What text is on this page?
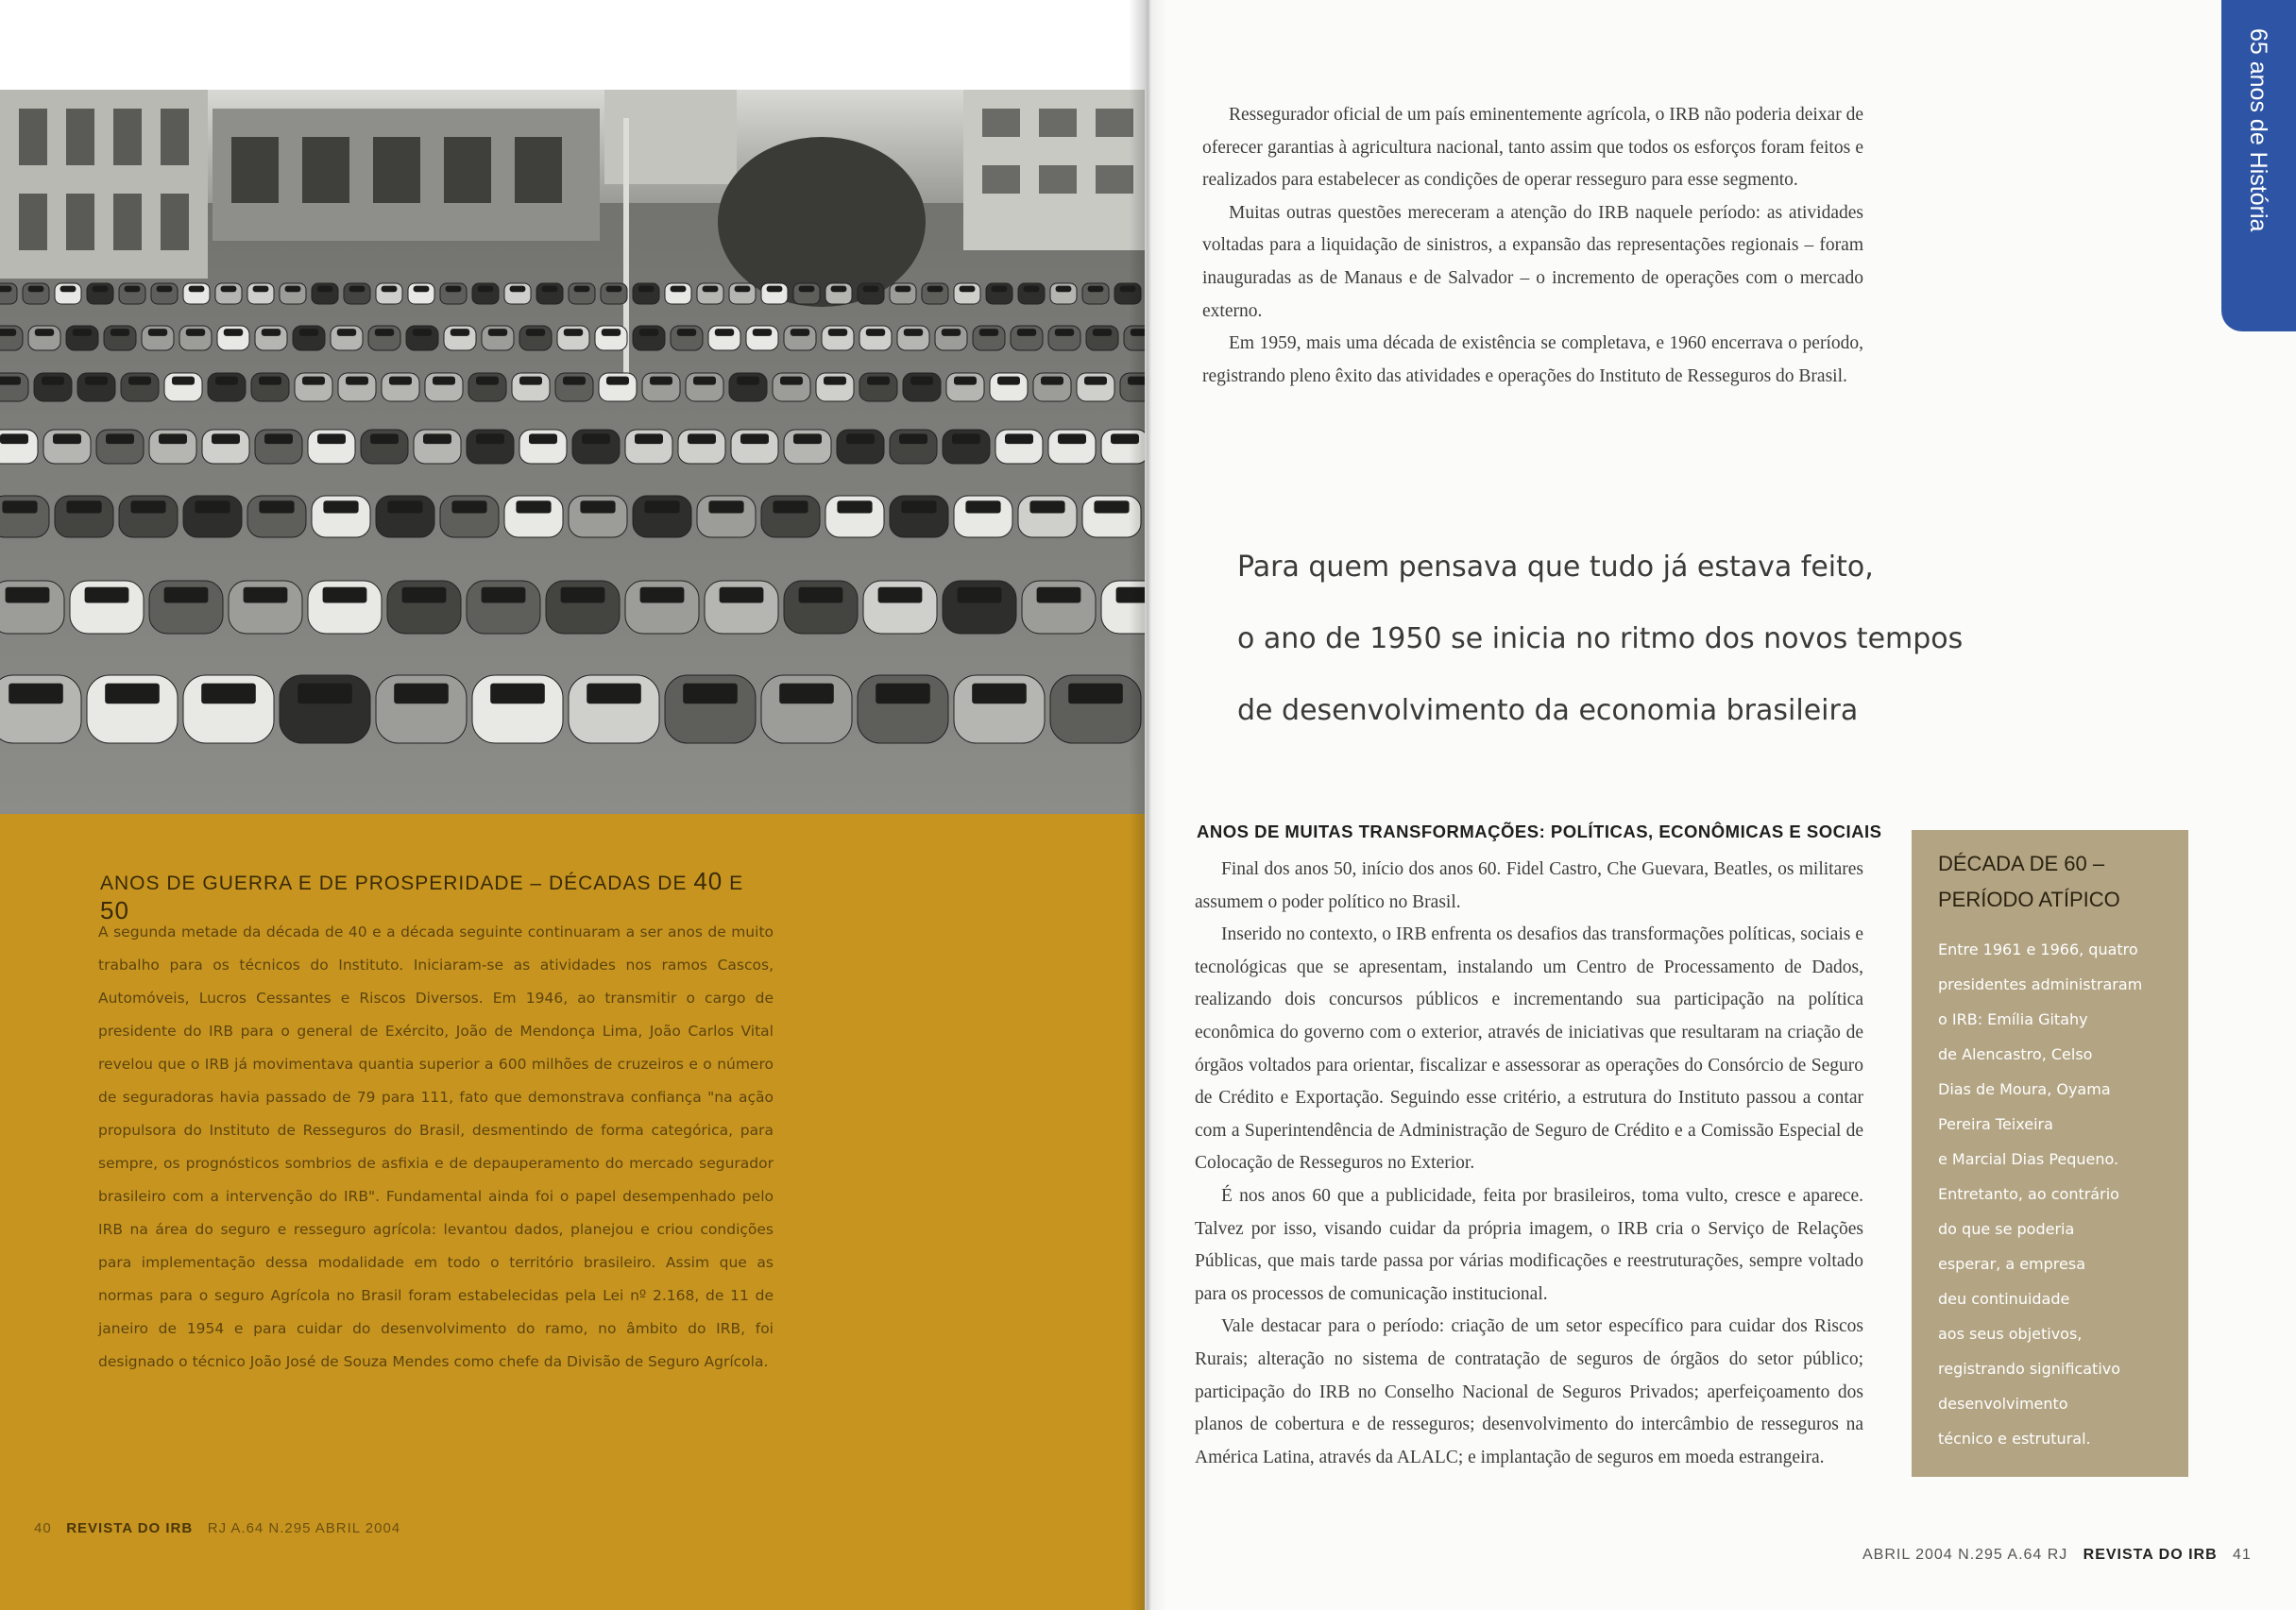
ANOS DE GUERRA E DE PROSPERIDADE – DÉCADAS DE 40 E 50

A segunda metade da década de 40 e a década seguinte continuaram a ser anos de muito trabalho para os técnicos do Instituto. Iniciaram-se as atividades nos ramos Cascos, Automóveis, Lucros Cessantes e Riscos Diversos. Em 1946, ao transmitir o cargo de presidente do IRB para o general de Exército, João de Mendonça Lima, João Carlos Vital revelou que o IRB já movimentava quantia superior a 600 milhões de cruzeiros e o número de seguradoras havia passado de 79 para 111, fato que demonstrava confiança "na ação propulsora do Instituto de Resseguros do Brasil, desmentindo de forma categórica, para sempre, os prognósticos sombrios de asfixia e de depauperamento do mercado segurador brasileiro com a intervenção do IRB". Fundamental ainda foi o papel desempenhado pelo IRB na área do seguro e resseguro agrícola: levantou dados, planejou e criou condições para implementação dessa modalidade em todo o território brasileiro. Assim que as normas para o seguro Agrícola no Brasil foram estabelecidas pela Lei nº 2.168, de 11 de janeiro de 1954 e para cuidar do desenvolvimento do ramo, no âmbito do IRB, foi designado o técnico João José de Souza Mendes como chefe da Divisão de Seguro Agrícola.

40 REVISTA DO IRB RJ A.64 N.295 ABRIL 2004
65 anos de História

Ressegurador oficial de um país eminentemente agrícola, o IRB não poderia deixar de oferecer garantias à agricultura nacional, tanto assim que todos os esforços foram feitos e realizados para estabelecer as condições de operar resseguro para esse segmento.

Muitas outras questões mereceram a atenção do IRB naquele período: as atividades voltadas para a liquidação de sinistros, a expansão das representações regionais – foram inauguradas as de Manaus e de Salvador – o incremento de operações com o mercado externo.

Em 1959, mais uma década de existência se completava, e 1960 encerrava o período, registrando pleno êxito das atividades e operações do Instituto de Resseguros do Brasil.

Para quem pensava que tudo já estava feito,
o ano de 1950 se inicia no ritmo dos novos tempos
de desenvolvimento da economia brasileira
ANOS DE MUITAS TRANSFORMAÇÕES: POLÍTICAS, ECONÔMICAS E SOCIAIS

Final dos anos 50, início dos anos 60. Fidel Castro, Che Guevara, Beatles, os militares assumem o poder político no Brasil.

Inserido no contexto, o IRB enfrenta os desafios das transformações políticas, sociais e tecnológicas que se apresentam, instalando um Centro de Processamento de Dados, realizando dois concursos públicos e incrementando sua participação na política econômica do governo com o exterior, através de iniciativas que resultaram na criação de órgãos voltados para orientar, fiscalizar e assessorar as operações do Consórcio de Seguro de Crédito e Exportação. Seguindo esse critério, a estrutura do Instituto passou a contar com a Superintendência de Administração de Seguro de Crédito e a Comissão Especial de Colocação de Resseguros no Exterior.

É nos anos 60 que a publicidade, feita por brasileiros, toma vulto, cresce e aparece. Talvez por isso, visando cuidar da própria imagem, o IRB cria o Serviço de Relações Públicas, que mais tarde passa por várias modificações e reestruturações, sempre voltado para os processos de comunicação institucional.

Vale destacar para o período: criação de um setor específico para cuidar dos Riscos Rurais; alteração no sistema de contratação de seguros de órgãos do setor público; participação do IRB no Conselho Nacional de Seguros Privados; aperfeiçoamento dos planos de cobertura e de resseguros; desenvolvimento do intercâmbio de resseguros na América Latina, através da ALALC; e implantação de seguros em moeda estrangeira.

DÉCADA DE 60 –
PERÍODO ATÍPICO
Entre 1961 e 1966, quatro
presidentes administraram
o IRB: Emília Gitahy
de Alencastro, Celso
Dias de Moura, Oyama
Pereira Teixeira
e Marcial Dias Pequeno.
Entretanto, ao contrário
do que se poderia
esperar, a empresa
deu continuidade
aos seus objetivos,
registrando significativo
desenvolvimento
técnico e estrutural.
ABRIL 2004 N.295 A.64 RJ REVISTA DO IRB 41
